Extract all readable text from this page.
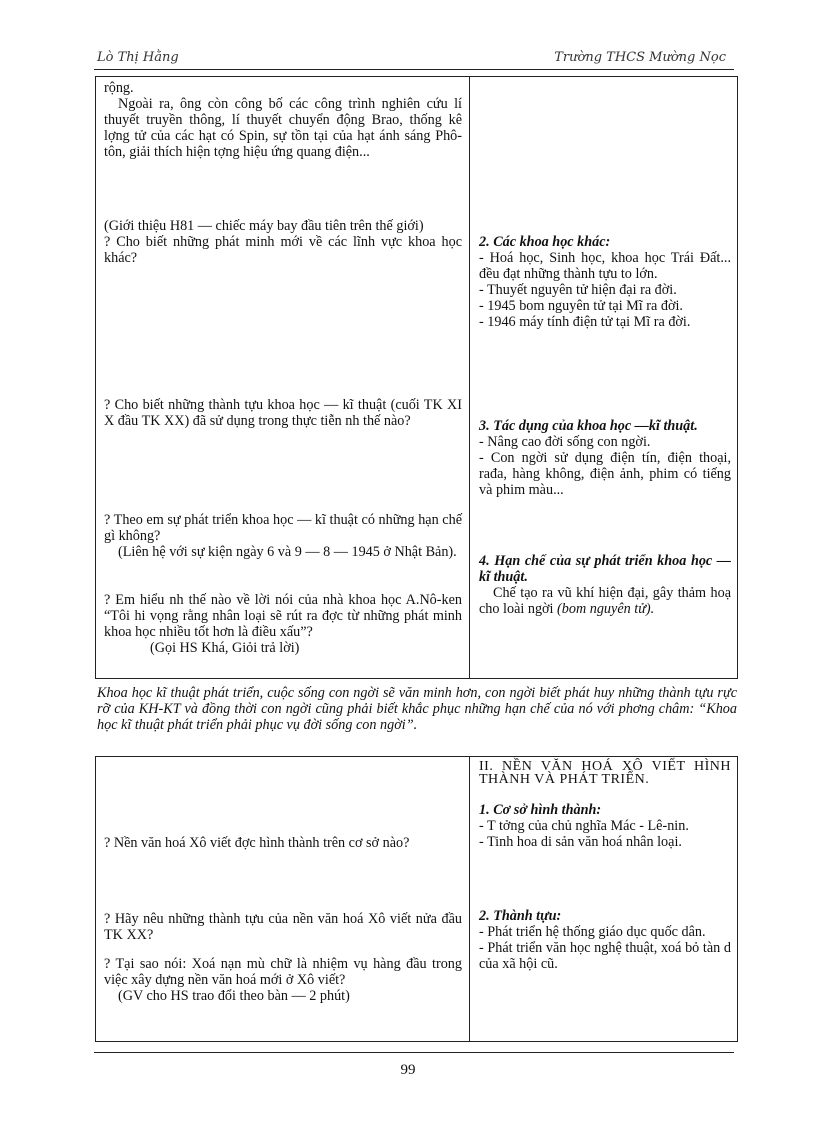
Lò Thị Hằng	Trường THCS Mường Nọc

rộng.

Ngoài ra, ông còn công bố các công trình nghiên cứu lí thuyết truyền thông, lí thuyết chuyển động Brao, thống kê lợng tử của các hạt có Spin, sự tồn tại của hạt ánh sáng Phô-tôn, giải thích hiện tợng hiệu ứng quang điện...

(Giới thiệu H81 — chiếc máy bay đầu tiên trên thế giới)

? Cho biết những phát minh mới về các lĩnh vực khoa học khác?

? Cho biết những thành tựu khoa học — kĩ thuật (cuối TK XI X đầu TK XX) đã sử dụng trong thực tiễn nh thế nào?

? Theo em sự phát triển khoa học — kĩ thuật có những hạn chế gì không?

(Liên hệ với sự kiện ngày 6 và 9 — 8 — 1945 ở Nhật Bản).

? Em hiểu nh thế nào về lời nói của nhà khoa học A.Nô-ken “Tôi hi vọng rằng nhân loại sẽ rút ra đợc từ những phát minh khoa học nhiều tốt hơn là điều xấu”?

(Gọi HS Khá, Giỏi trả lời)

2. Các khoa học khác:

- Hoá học, Sinh học, khoa học Trái Đất... đều đạt những thành tựu to lớn.

- Thuyết nguyên tử hiện đại ra đời.

- 1945 bom nguyên tử tại Mĩ ra đời.

- 1946 máy tính điện tử tại Mĩ ra đời.

3. Tác dụng của khoa học —kĩ thuật.

- Nâng cao đời sống con ngời.

- Con ngời sử dụng điện tín, điện thoại, rađa, hàng không, điện ảnh, phim có tiếng và phim màu...

4. Hạn chế của sự phát triển khoa học —kĩ thuật.

Chế tạo ra vũ khí hiện đại, gây thảm hoạ cho loài ngời (bom nguyên tử).

Khoa học kĩ thuật phát triển, cuộc sống con ngời sẽ văn minh hơn, con ngời biết phát huy những thành tựu rực rỡ của KH-KT và đồng thời con ngời cũng phải biết khắc phục những hạn chế của nó với phơng châm: “Khoa học kĩ thuật phát triển phải phục vụ đời sống con ngời”.

? Nền văn hoá Xô viết đợc hình thành trên cơ sở nào?

? Hãy nêu những thành tựu của nền văn hoá Xô viết nửa đầu TK XX?

? Tại sao nói: Xoá nạn mù chữ là nhiệm vụ hàng đầu trong việc xây dựng nền văn hoá mới ở Xô viết?

(GV cho HS trao đổi theo bàn — 2 phút)

II. NỀN VĂN HOÁ XÔ VIẾT HÌNH THÀNH VÀ PHÁT TRIỂN.

1. Cơ sở hình thành:

- T tởng của chủ nghĩa Mác - Lê-nin.

- Tinh hoa di sản văn hoá nhân loại.

2. Thành tựu:

- Phát triển hệ thống giáo dục quốc dân.

- Phát triển văn học nghệ thuật, xoá bỏ tàn d của xã hội cũ.

99
